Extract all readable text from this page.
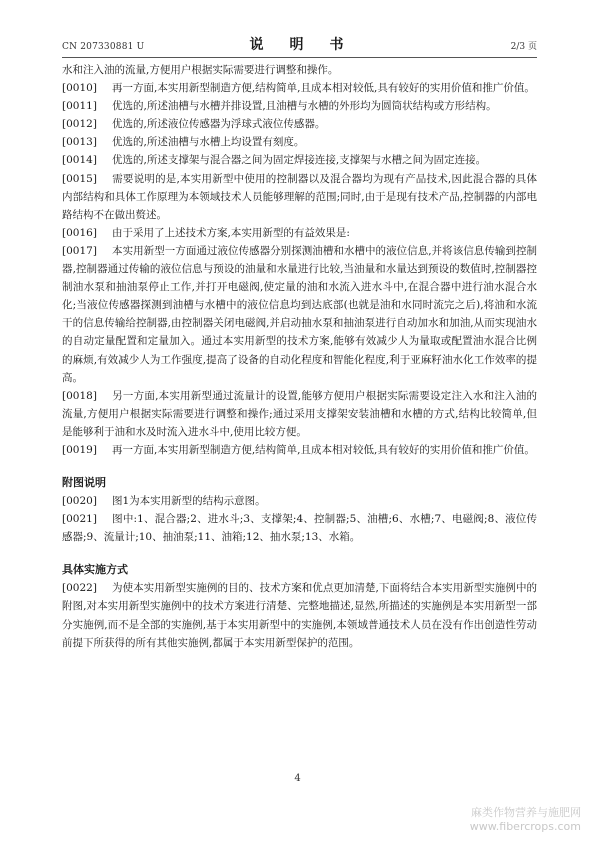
CN 207330881 U	说　明　书	2/3 页

水和注入油的流量,方便用户根据实际需要进行调整和操作。

[0010] 再一方面,本实用新型制造方便,结构简单,且成本相对较低,具有较好的实用价值和推广价值。

[0011] 优选的,所述油槽与水槽并排设置,且油槽与水槽的外形均为圆筒状结构或方形结构。

[0012] 优选的,所述液位传感器为浮球式液位传感器。

[0013] 优选的,所述油槽与水槽上均设置有刻度。

[0014] 优选的,所述支撑架与混合器之间为固定焊接连接,支撑架与水槽之间为固定连接。

[0015] 需要说明的是,本实用新型中使用的控制器以及混合器均为现有产品技术,因此混合器的具体内部结构和具体工作原理为本领域技术人员能够理解的范围;同时,由于是现有技术产品,控制器的内部电路结构不在做出赘述。

[0016] 由于采用了上述技术方案,本实用新型的有益效果是:

[0017] 本实用新型一方面通过液位传感器分别探测油槽和水槽中的液位信息,并将该信息传输到控制器,控制器通过传输的液位信息与预设的油量和水量进行比较,当油量和水量达到预设的数值时,控制器控制油水泵和抽油泵停止工作,并打开电磁阀,使定量的油和水流入进水斗中,在混合器中进行油水混合水化;当液位传感器探测到油槽与水槽中的液位信息均到达底部(也就是油和水同时流完之后),将油和水流干的信息传输给控制器,由控制器关闭电磁阀,并启动抽水泵和抽油泵进行自动加水和加油,从而实现油水的自动定量配置和定量加入。通过本实用新型的技术方案,能够有效减少人为量取或配置油水混合比例的麻烦,有效减少人为工作强度,提高了设备的自动化程度和智能化程度,利于亚麻籽油水化工作效率的提高。

[0018] 另一方面,本实用新型通过流量计的设置,能够方便用户根据实际需要设定注入水和注入油的流量,方便用户根据实际需要进行调整和操作;通过采用支撑架安装油槽和水槽的方式,结构比较简单,但是能够利于油和水及时流入进水斗中,使用比较方便。

[0019] 再一方面,本实用新型制造方便,结构简单,且成本相对较低,具有较好的实用价值和推广价值。

附图说明

[0020] 图1为本实用新型的结构示意图。

[0021] 图中:1、混合器;2、进水斗;3、支撑架;4、控制器;5、油槽;6、水槽;7、电磁阀;8、液位传感器;9、流量计;10、抽油泵;11、油箱;12、抽水泵;13、水箱。

具体实施方式

[0022] 为使本实用新型实施例的目的、技术方案和优点更加清楚,下面将结合本实用新型实施例中的附图,对本实用新型实施例中的技术方案进行清楚、完整地描述,显然,所描述的实施例是本实用新型一部分实施例,而不是全部的实施例,基于本实用新型中的实施例,本领域普通技术人员在没有作出创造性劳动前提下所获得的所有其他实施例,都属于本实用新型保护的范围。

4
麻类作物营养与施肥网
www.fibercrops.com
